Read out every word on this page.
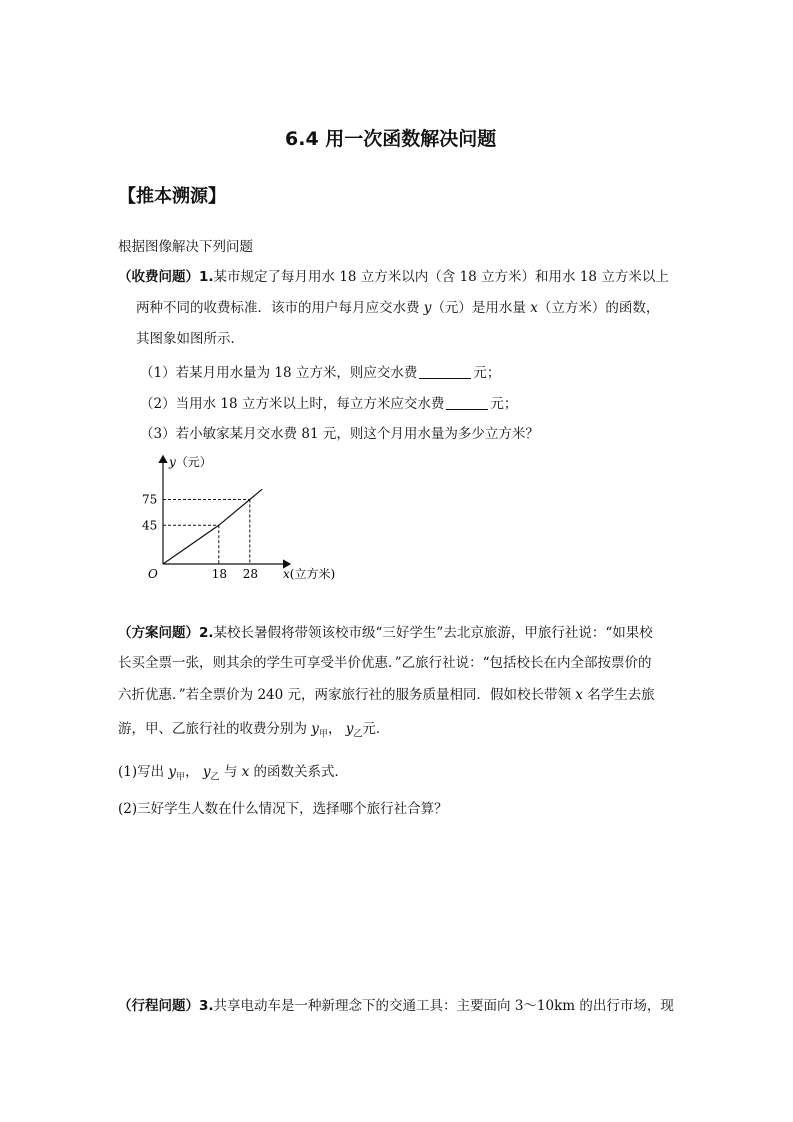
6.4 用一次函数解决问题
【推本溯源】
根据图像解决下列问题
（收费问题）1.某市规定了每月用水 18 立方米以内（含 18 立方米）和用水 18 立方米以上
两种不同的收费标准．该市的用户每月应交水费 y（元）是用水量 x（立方米）的函数，
其图象如图所示．
（1）若某月用水量为 18 立方米，则应交水费	元；
（2）当用水 18 立方米以上时，每立方米应交水费	元；
（3）若小敏家某月交水费 81 元，则这个月用水量为多少立方米？
18 28
45
75
O
y（元）
x(立方米)
（方案问题）2.某校长暑假将带领该校市级“三好学生”去北京旅游，甲旅行社说：“如果校
长买全票一张，则其余的学生可享受半价优惠．”乙旅行社说：“包括校长在内全部按票价的
六折优惠．”若全票价为 240 元，两家旅行社的服务质量相同．假如校长带领 x 名学生去旅
游，甲、乙旅行社的收费分别为 $y_甲$， $y_乙$元．
(1)写出 $y_甲$， $y_乙$ 与 x 的函数关系式．
(2)三好学生人数在什么情况下，选择哪个旅行社合算？
（行程问题）3.共享电动车是一种新理念下的交通工具：主要面向 3～10km 的出行市场，现
